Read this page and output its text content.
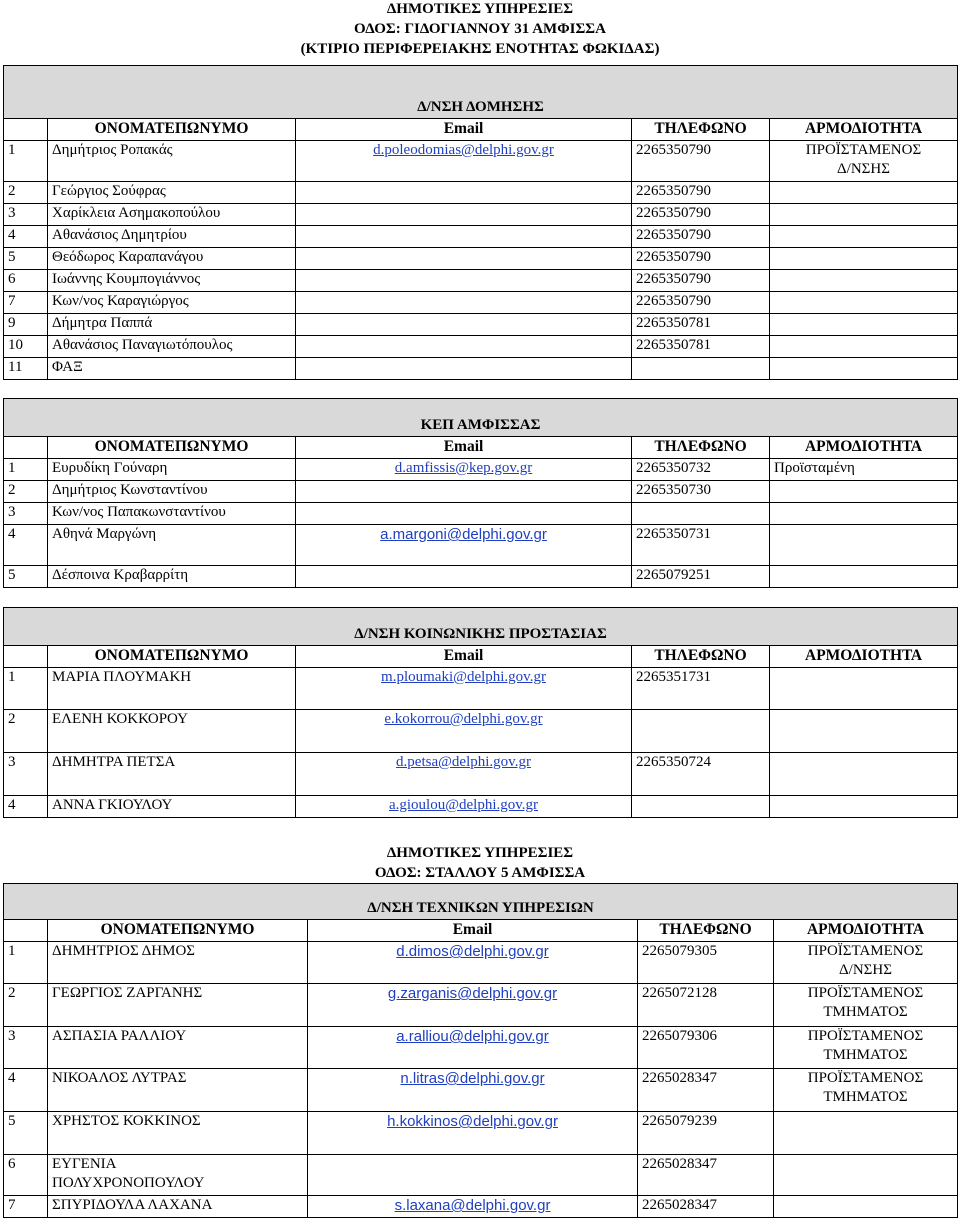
ΔΗΜΟΤΙΚΕΣ ΥΠΗΡΕΣΙΕΣ
ΟΔΟΣ: ΓΙΔΟΓΙΑΝΝΟΥ 31 ΑΜΦΙΣΣΑ
(ΚΤΙΡΙΟ ΠΕΡΙΦΕΡΕΙΑΚΗΣ ΕΝΟΤΗΤΑΣ ΦΩΚΙΔΑΣ)
Δ/ΝΣΗ ΔΟΜΗΣΗΣ				
	ΟΝΟΜΑΤΕΠΩΝΥΜΟ	Email	ΤΗΛΕΦΩΝΟ	ΑΡΜΟΔΙΟΤΗΤΑ
1	Δημήτριος Ροπακάς	d.poleodomias@delphi.gov.gr	2265350790	ΠΡΟΪΣΤΑΜΕΝΟΣ
Δ/ΝΣΗΣ
2	Γεώργιος Σούφρας		2265350790	
3	Χαρίκλεια Ασημακοπούλου		2265350790	
4	Αθανάσιος Δημητρίου		2265350790	
5	Θεόδωρος Καραπανάγου		2265350790	
6	Ιωάννης Κουμπογιάννος		2265350790	
7	Κων/νος Καραγιώργος		2265350790	
9	Δήμητρα Παππά		2265350781	
10	Αθανάσιος Παναγιωτόπουλος		2265350781	
11	ΦΑΞ			
ΚΕΠ ΑΜΦΙΣΣΑΣ				
	ΟΝΟΜΑΤΕΠΩΝΥΜΟ	Email	ΤΗΛΕΦΩΝΟ	ΑΡΜΟΔΙΟΤΗΤΑ
1	Ευρυδίκη Γούναρη	d.amfissis@kep.gov.gr	2265350732	Προϊσταμένη
2	Δημήτριος Κωνσταντίνου		2265350730	
3	Κων/νος Παπακωνσταντίνου			
4	Αθηνά Μαργώνη	a.margoni@delphi.gov.gr	2265350731	
5	Δέσποινα Κραβαρρίτη		2265079251	
Δ/ΝΣΗ ΚΟΙΝΩΝΙΚΗΣ ΠΡΟΣΤΑΣΙΑΣ				
	ΟΝΟΜΑΤΕΠΩΝΥΜΟ	Email	ΤΗΛΕΦΩΝΟ	ΑΡΜΟΔΙΟΤΗΤΑ
1	ΜΑΡΙΑ ΠΛΟΥΜΑΚΗ	m.ploumaki@delphi.gov.gr	2265351731	
2	ΕΛΕΝΗ ΚΟΚΚΟΡΟΥ	e.kokorrou@delphi.gov.gr		
3	ΔΗΜΗΤΡΑ ΠΕΤΣΑ	d.petsa@delphi.gov.gr	2265350724	
4	ΑΝΝΑ ΓΚΙΟΥΛΟΥ	a.gioulou@delphi.gov.gr		
ΔΗΜΟΤΙΚΕΣ ΥΠΗΡΕΣΙΕΣ
ΟΔΟΣ: ΣΤΑΛΛΟΥ 5 ΑΜΦΙΣΣΑ
Δ/ΝΣΗ ΤΕΧΝΙΚΩΝ ΥΠΗΡΕΣΙΩΝ				
	ΟΝΟΜΑΤΕΠΩΝΥΜΟ	Email	ΤΗΛΕΦΩΝΟ	ΑΡΜΟΔΙΟΤΗΤΑ
1	ΔΗΜΗΤΡΙΟΣ ΔΗΜΟΣ	d.dimos@delphi.gov.gr	2265079305	ΠΡΟΪΣΤΑΜΕΝΟΣ
Δ/ΝΣΗΣ
2	ΓΕΩΡΓΙΟΣ ΖΑΡΓΑΝΗΣ	g.zarganis@delphi.gov.gr	2265072128	ΠΡΟΪΣΤΑΜΕΝΟΣ
ΤΜΗΜΑΤΟΣ
3	ΑΣΠΑΣΙΑ ΡΑΛΛΙΟΥ	a.ralliou@delphi.gov.gr	2265079306	ΠΡΟΪΣΤΑΜΕΝΟΣ
ΤΜΗΜΑΤΟΣ
4	ΝΙΚΟΑΛΟΣ ΛΥΤΡΑΣ	n.litras@delphi.gov.gr	2265028347	ΠΡΟΪΣΤΑΜΕΝΟΣ
ΤΜΗΜΑΤΟΣ
5	ΧΡΗΣΤΟΣ ΚΟΚΚΙΝΟΣ	h.kokkinos@delphi.gov.gr	2265079239	
6	ΕΥΓΕΝΙΑ
ΠΟΛΥΧΡΟΝΟΠΟΥΛΟΥ		2265028347	
7	ΣΠΥΡΙΔΟΥΛΑ ΛΑΧΑΝΑ	s.laxana@delphi.gov.gr	2265028347	
